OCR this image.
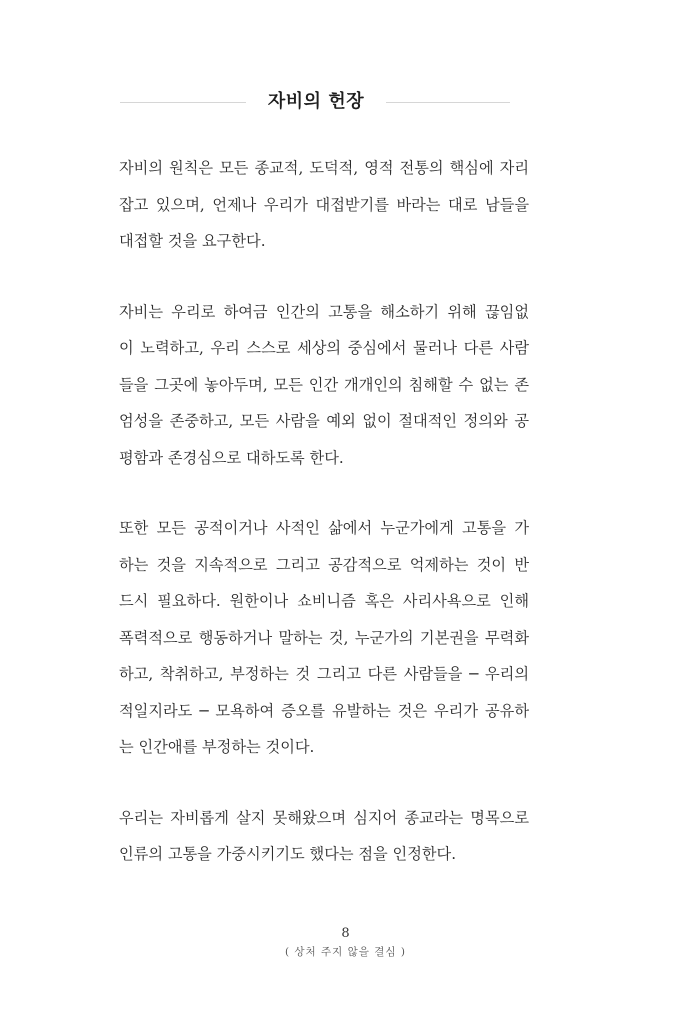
자비의 헌장

자비의 원칙은 모든 종교적, 도덕적, 영적 전통의 핵심에 자리
잡고 있으며, 언제나 우리가 대접받기를 바라는 대로 남들을
대접할 것을 요구한다.

자비는 우리로 하여금 인간의 고통을 해소하기 위해 끊임없
이 노력하고, 우리 스스로 세상의 중심에서 물러나 다른 사람
들을 그곳에 놓아두며, 모든 인간 개개인의 침해할 수 없는 존
엄성을 존중하고, 모든 사람을 예외 없이 절대적인 정의와 공
평함과 존경심으로 대하도록 한다.

또한 모든 공적이거나 사적인 삶에서 누군가에게 고통을 가
하는 것을 지속적으로 그리고 공감적으로 억제하는 것이 반
드시 필요하다. 원한이나 쇼비니즘 혹은 사리사욕으로 인해
폭력적으로 행동하거나 말하는 것, 누군가의 기본권을 무력화
하고, 착취하고, 부정하는 것 그리고 다른 사람들을 ─ 우리의
적일지라도 ─ 모욕하여 증오를 유발하는 것은 우리가 공유하
는 인간애를 부정하는 것이다.

우리는 자비롭게 살지 못해왔으며 심지어 종교라는 명목으로
인류의 고통을 가중시키기도 했다는 점을 인정한다.

8
( 상처 주지 않을 결심 )
